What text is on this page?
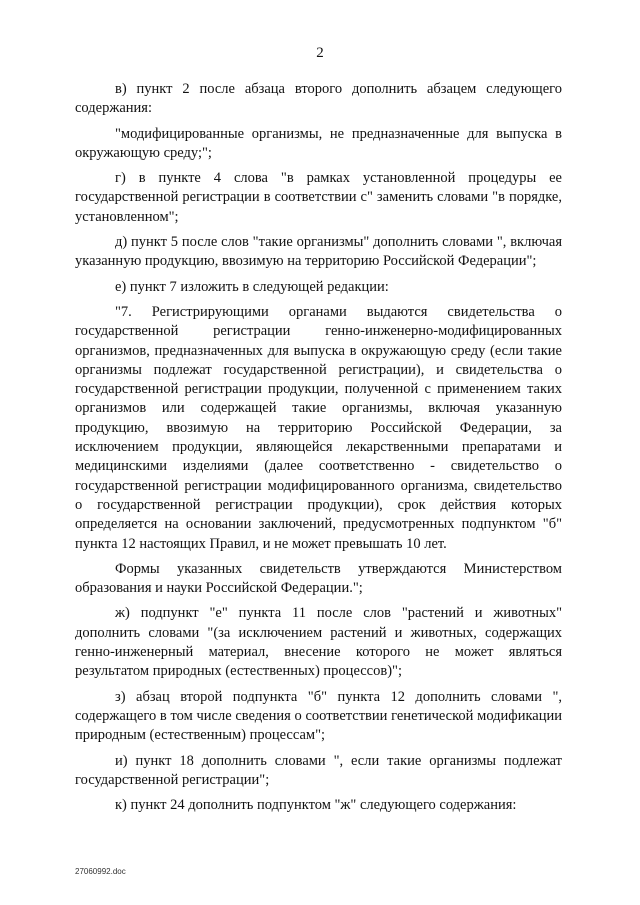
2

в) пункт 2 после абзаца второго дополнить абзацем следующего содержания:

"модифицированные организмы, не предназначенные для выпуска в окружающую среду;";

г) в пункте 4 слова "в рамках установленной процедуры ее государственной регистрации в соответствии с" заменить словами "в порядке, установленном";

д) пункт 5 после слов "такие организмы" дополнить словами ", включая указанную продукцию, ввозимую на территорию Российской Федерации";

е) пункт 7 изложить в следующей редакции:

"7. Регистрирующими органами выдаются свидетельства о государственной регистрации генно-инженерно-модифицированных организмов, предназначенных для выпуска в окружающую среду (если такие организмы подлежат государственной регистрации), и свидетельства о государственной регистрации продукции, полученной с применением таких организмов или содержащей такие организмы, включая указанную продукцию, ввозимую на территорию Российской Федерации, за исключением продукции, являющейся лекарственными препаратами и медицинскими изделиями (далее соответственно - свидетельство о государственной регистрации модифицированного организма, свидетельство о государственной регистрации продукции), срок действия которых определяется на основании заключений, предусмотренных подпунктом "б" пункта 12 настоящих Правил, и не может превышать 10 лет.

Формы указанных свидетельств утверждаются Министерством образования и науки Российской Федерации.";

ж) подпункт "е" пункта 11 после слов "растений и животных" дополнить словами "(за исключением растений и животных, содержащих генно-инженерный материал, внесение которого не может являться результатом природных (естественных) процессов)";

з) абзац второй подпункта "б" пункта 12 дополнить словами ", содержащего в том числе сведения о соответствии генетической модификации природным (естественным) процессам";

и) пункт 18 дополнить словами ", если такие организмы подлежат государственной регистрации";

к) пункт 24 дополнить подпунктом "ж" следующего содержания:

27060992.doc
